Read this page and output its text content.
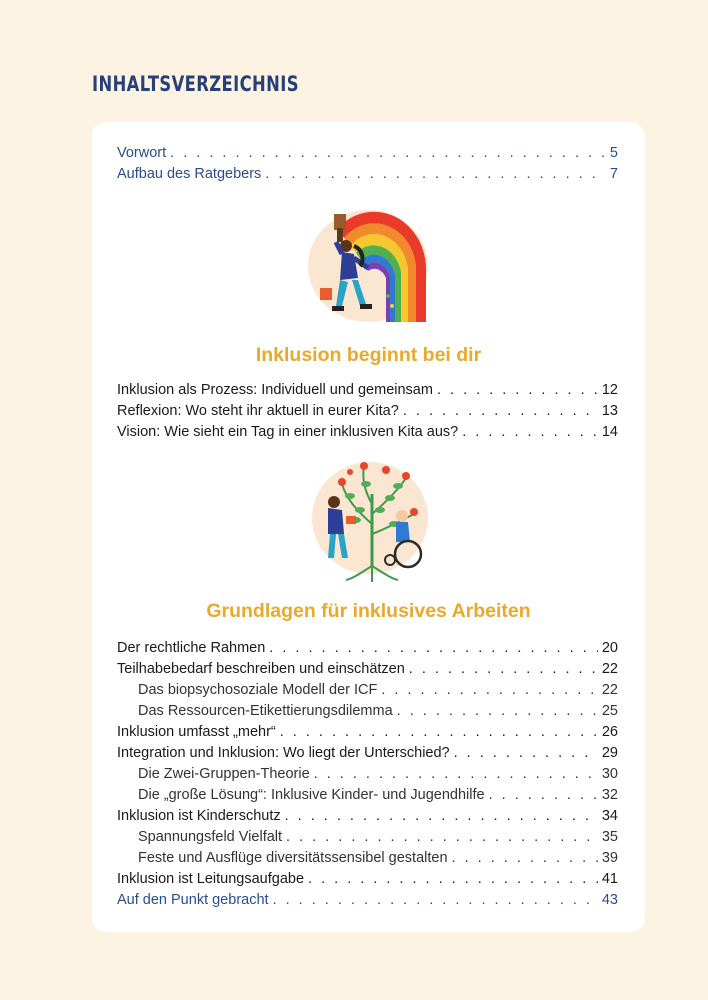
INHALTSVERZEICHNIS
Vorwort . . .	5
Aufbau des Ratgebers . . .	7
Inklusion beginnt bei dir
Inklusion als Prozess: Individuell und gemeinsam . . .	12
Reflexion: Wo steht ihr aktuell in eurer Kita? . . .	13
Vision: Wie sieht ein Tag in einer inklusiven Kita aus? . . .	14
Grundlagen für inklusives Arbeiten
Der rechtliche Rahmen . . .	20
Teilhabebedarf beschreiben und einschätzen . . .	22
Das biopsychosoziale Modell der ICF . . .	22
Das Ressourcen-Etikettierungsdilemma . . .	25
Inklusion umfasst „mehr“ . . .	26
Integration und Inklusion: Wo liegt der Unterschied? . . .	29
Die Zwei-Gruppen-Theorie . . .	30
Die „große Lösung“: Inklusive Kinder- und Jugendhilfe . . .	32
Inklusion ist Kinderschutz . . .	34
Spannungsfeld Vielfalt . . .	35
Feste und Ausflüge diversitätssensibel gestalten . . .	39
Inklusion ist Leitungsaufgabe . . .	41
Auf den Punkt gebracht . . .	43
